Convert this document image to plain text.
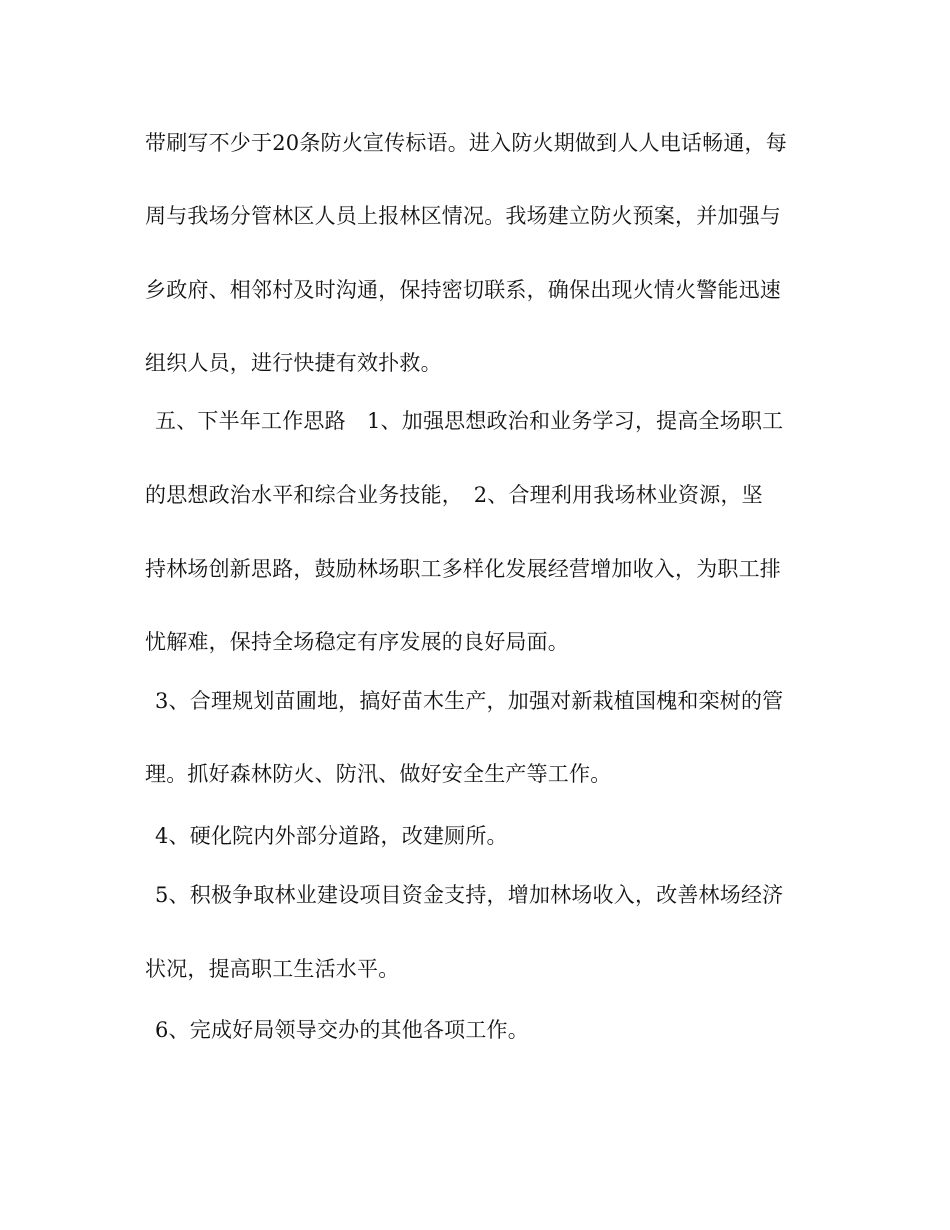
带刷写不少于20条防火宣传标语。进入防火期做到人人电话畅通，每
周与我场分管林区人员上报林区情况。我场建立防火预案，并加强与
乡政府、相邻村及时沟通，保持密切联系，确保出现火情火警能迅速
组织人员，进行快捷有效扑救。
五、下半年工作思路　1、加强思想政治和业务学习，提高全场职工
的思想政治水平和综合业务技能，　2、合理利用我场林业资源，坚
持林场创新思路，鼓励林场职工多样化发展经营增加收入，为职工排
忧解难，保持全场稳定有序发展的良好局面。
3、合理规划苗圃地，搞好苗木生产，加强对新栽植国槐和栾树的管
理。抓好森林防火、防汛、做好安全生产等工作。
4、硬化院内外部分道路，改建厕所。
5、积极争取林业建设项目资金支持，增加林场收入，改善林场经济
状况，提高职工生活水平。
6、完成好局领导交办的其他各项工作。
